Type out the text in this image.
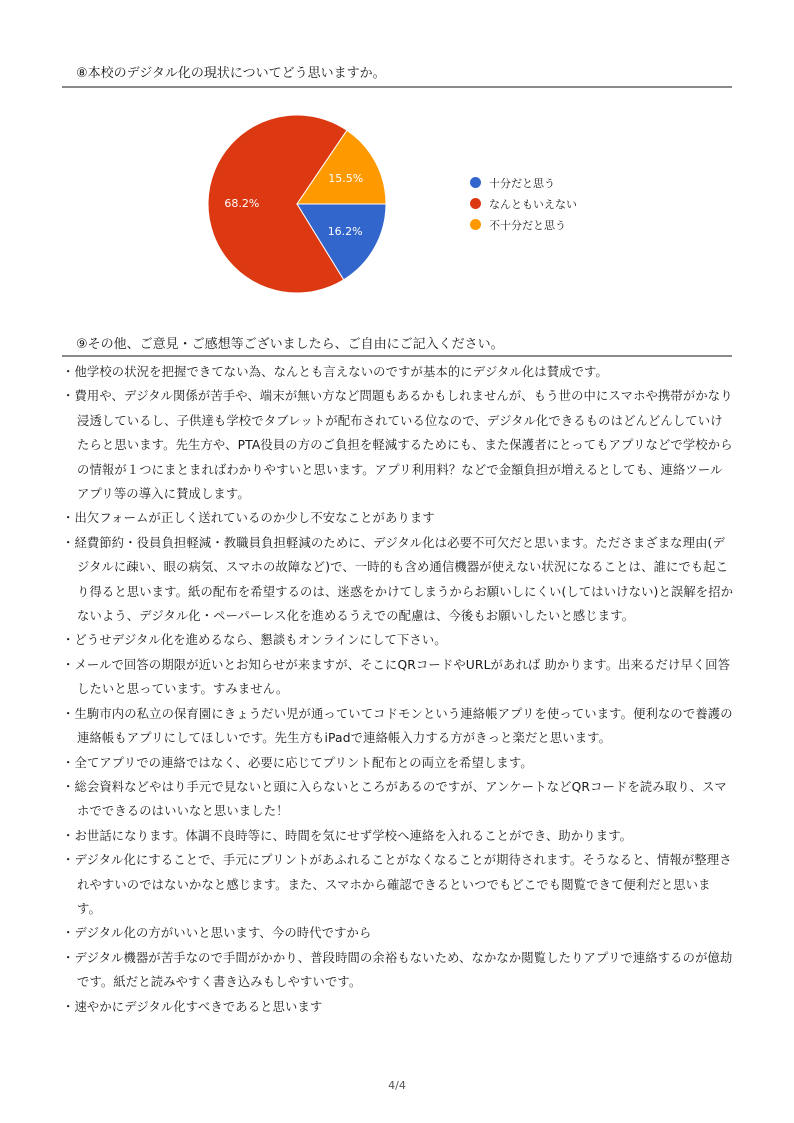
⑧本校のデジタル化の現状についてどう思いますか。
16.2%
68.2%
15.5%	十分だと思う
なんともいえない
不十分だと思う
⑨その他、ご意見・ご感想等ございましたら、ご自由にご記入ください。
・他学校の状況を把握できてない為、なんとも言えないのですが基本的にデジタル化は賛成です。
・費用や、デジタル関係が苦手や、端末が無い方など問題もあるかもしれませんが、もう世の中にスマホや携帯がかなり浸透しているし、子供達も学校でタブレットが配布されている位なので、デジタル化できるものはどんどんしていけたらと思います。先生方や、PTA役員の方のご負担を軽減するためにも、また保護者にとってもアプリなどで学校からの情報が１つにまとまればわかりやすいと思います。アプリ利用料？などで金額負担が増えるとしても、連絡ツールアプリ等の導入に賛成します。
・出欠フォームが正しく送れているのか少し不安なことがあります
・経費節約・役員負担軽減・教職員負担軽減のために、デジタル化は必要不可欠だと思います。たださまざまな理由(デジタルに疎い、眼の病気、スマホの故障など)で、一時的も含め通信機器が使えない状況になることは、誰にでも起こり得ると思います。紙の配布を希望するのは、迷惑をかけてしまうからお願いしにくい(してはいけない)と誤解を招かないよう、デジタル化・ペーパーレス化を進めるうえでの配慮は、今後もお願いしたいと感じます。
・どうせデジタル化を進めるなら、懇談もオンラインにして下さい。
・メールで回答の期限が近いとお知らせが来ますが、そこにQRコードやURLがあれば 助かります。出来るだけ早く回答したいと思っています。すみません。
・生駒市内の私立の保育園にきょうだい児が通っていてコドモンという連絡帳アプリを使っています。便利なので養護の連絡帳もアプリにしてほしいです。先生方もiPadで連絡帳入力する方がきっと楽だと思います。
・全てアプリでの連絡ではなく、必要に応じてプリント配布との両立を希望します。
・総会資料などやはり手元で見ないと頭に入らないところがあるのですが、アンケートなどQRコードを読み取り、スマホでできるのはいいなと思いました！
・お世話になります。体調不良時等に、時間を気にせず学校へ連絡を入れることができ、助かります。
・デジタル化にすることで、手元にプリントがあふれることがなくなることが期待されます。そうなると、情報が整理されやすいのではないかなと感じます。また、スマホから確認できるといつでもどこでも閲覧できて便利だと思います。
・デジタル化の方がいいと思います、今の時代ですから
・デジタル機器が苦手なので手間がかかり、普段時間の余裕もないため、なかなか閲覧したりアプリで連絡するのが億劫です。紙だと読みやすく書き込みもしやすいです。
・速やかにデジタル化すべきであると思います
4/4
